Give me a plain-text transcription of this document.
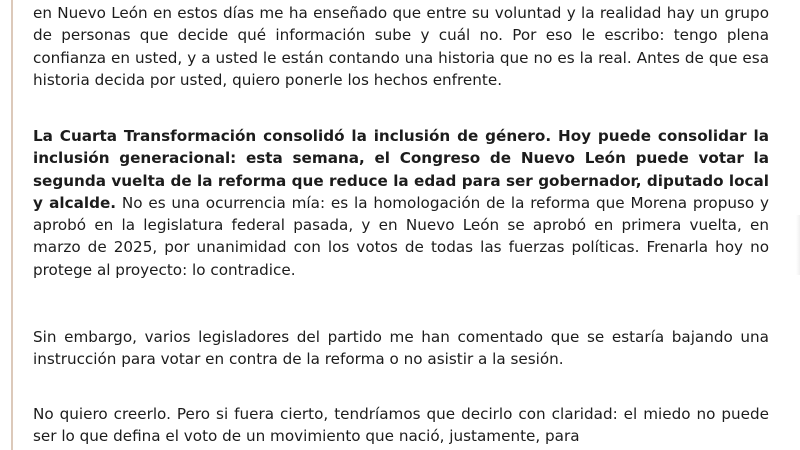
en Nuevo León en estos días me ha enseñado que entre su voluntad y la realidad hay un grupo de personas que decide qué información sube y cuál no. Por eso le escribo: tengo plena confianza en usted, y a usted le están contando una historia que no es la real. Antes de que esa historia decida por usted, quiero ponerle los hechos enfrente.

La Cuarta Transformación consolidó la inclusión de género. Hoy puede consolidar la inclusión generacional: esta semana, el Congreso de Nuevo León puede votar la segunda vuelta de la reforma que reduce la edad para ser gobernador, diputado local y alcalde. No es una ocurrencia mía: es la homologación de la reforma que Morena propuso y aprobó en la legislatura federal pasada, y en Nuevo León se aprobó en primera vuelta, en marzo de 2025, por unanimidad con los votos de todas las fuerzas políticas. Frenarla hoy no protege al proyecto: lo contradice.

Sin embargo, varios legisladores del partido me han comentado que se estaría bajando una instrucción para votar en contra de la reforma o no asistir a la sesión.

No quiero creerlo. Pero si fuera cierto, tendríamos que decirlo con claridad: el miedo no puede ser lo que defina el voto de un movimiento que nació, justamente, para
